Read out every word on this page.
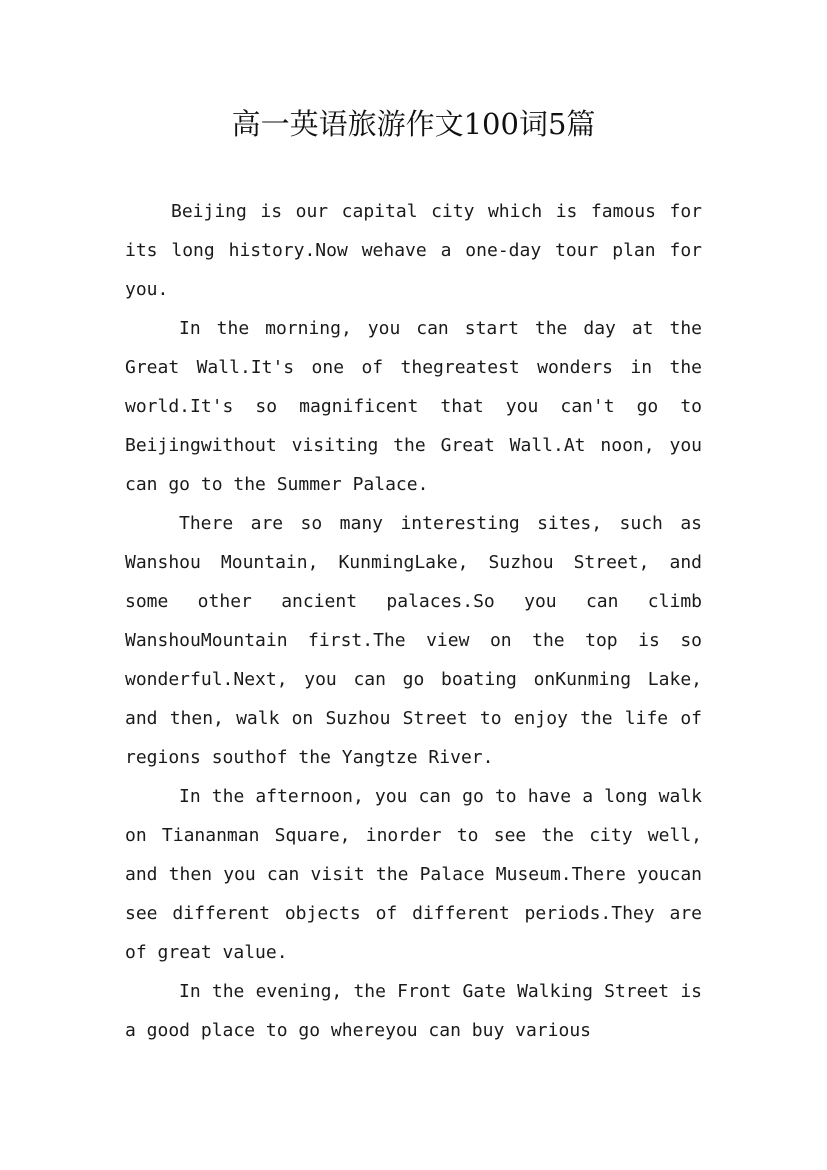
高一英语旅游作文100词5篇

Beijing is our capital city which is famous for its long history.Now wehave a one-day tour plan for you.

In the morning, you can start the day at the Great Wall.It's one of thegreatest wonders in the world.It's so magnificent that you can't go to Beijingwithout visiting the Great Wall.At noon, you can go to the Summer Palace.

There are so many interesting sites, such as Wanshou Mountain, KunmingLake, Suzhou Street, and some other ancient palaces.So you can climb WanshouMountain first.The view on the top is so wonderful.Next, you can go boating onKunming Lake, and then, walk on Suzhou Street to enjoy the life of regions southof the Yangtze River.

In the afternoon, you can go to have a long walk on Tiananman Square, inorder to see the city well, and then you can visit the Palace Museum.There youcan see different objects of different periods.They are of great value.

In the evening, the Front Gate Walking Street is a good place to go whereyou can buy various
